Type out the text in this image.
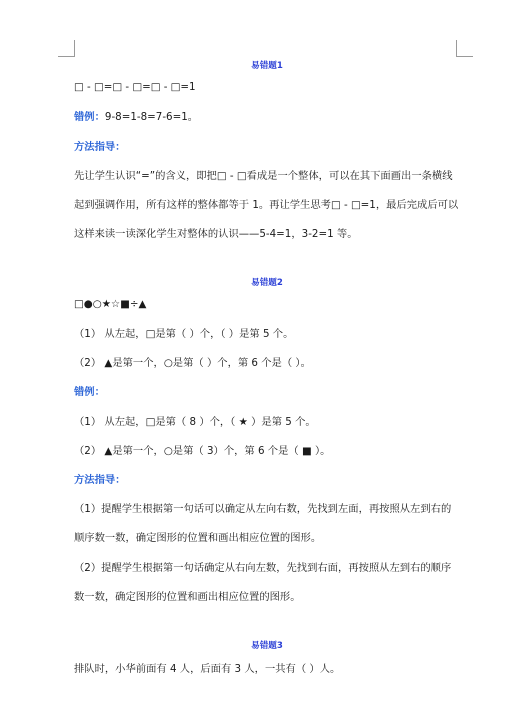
易错题1
□ - □=□ - □=□ - □=1
错例：9-8=1-8=7-6=1。
方法指导：
先让学生认识“=”的含义，即把□ - □看成是一个整体，可以在其下面画出一条横线
起到强调作用，所有这样的整体都等于 1。再让学生思考□ - □=1，最后完成后可以
这样来读一读深化学生对整体的认识——5-4=1，3-2=1 等。
易错题2
□●○★☆■÷▲
（1） 从左起，□是第（ ）个，（ ）是第 5 个。
（2） ▲是第一个，○是第（ ）个，第 6 个是（ ）。
错例：
（1） 从左起，□是第（ 8 ）个，（ ★ ）是第 5 个。
（2） ▲是第一个，○是第（ 3）个，第 6 个是（ ■ ）。
方法指导：
（1）提醒学生根据第一句话可以确定从左向右数，先找到左面，再按照从左到右的
顺序数一数，确定图形的位置和画出相应位置的图形。
（2）提醒学生根据第一句话确定从右向左数，先找到右面，再按照从左到右的顺序
数一数，确定图形的位置和画出相应位置的图形。
易错题3
排队时，小华前面有 4 人，后面有 3 人，一共有（ ）人。
